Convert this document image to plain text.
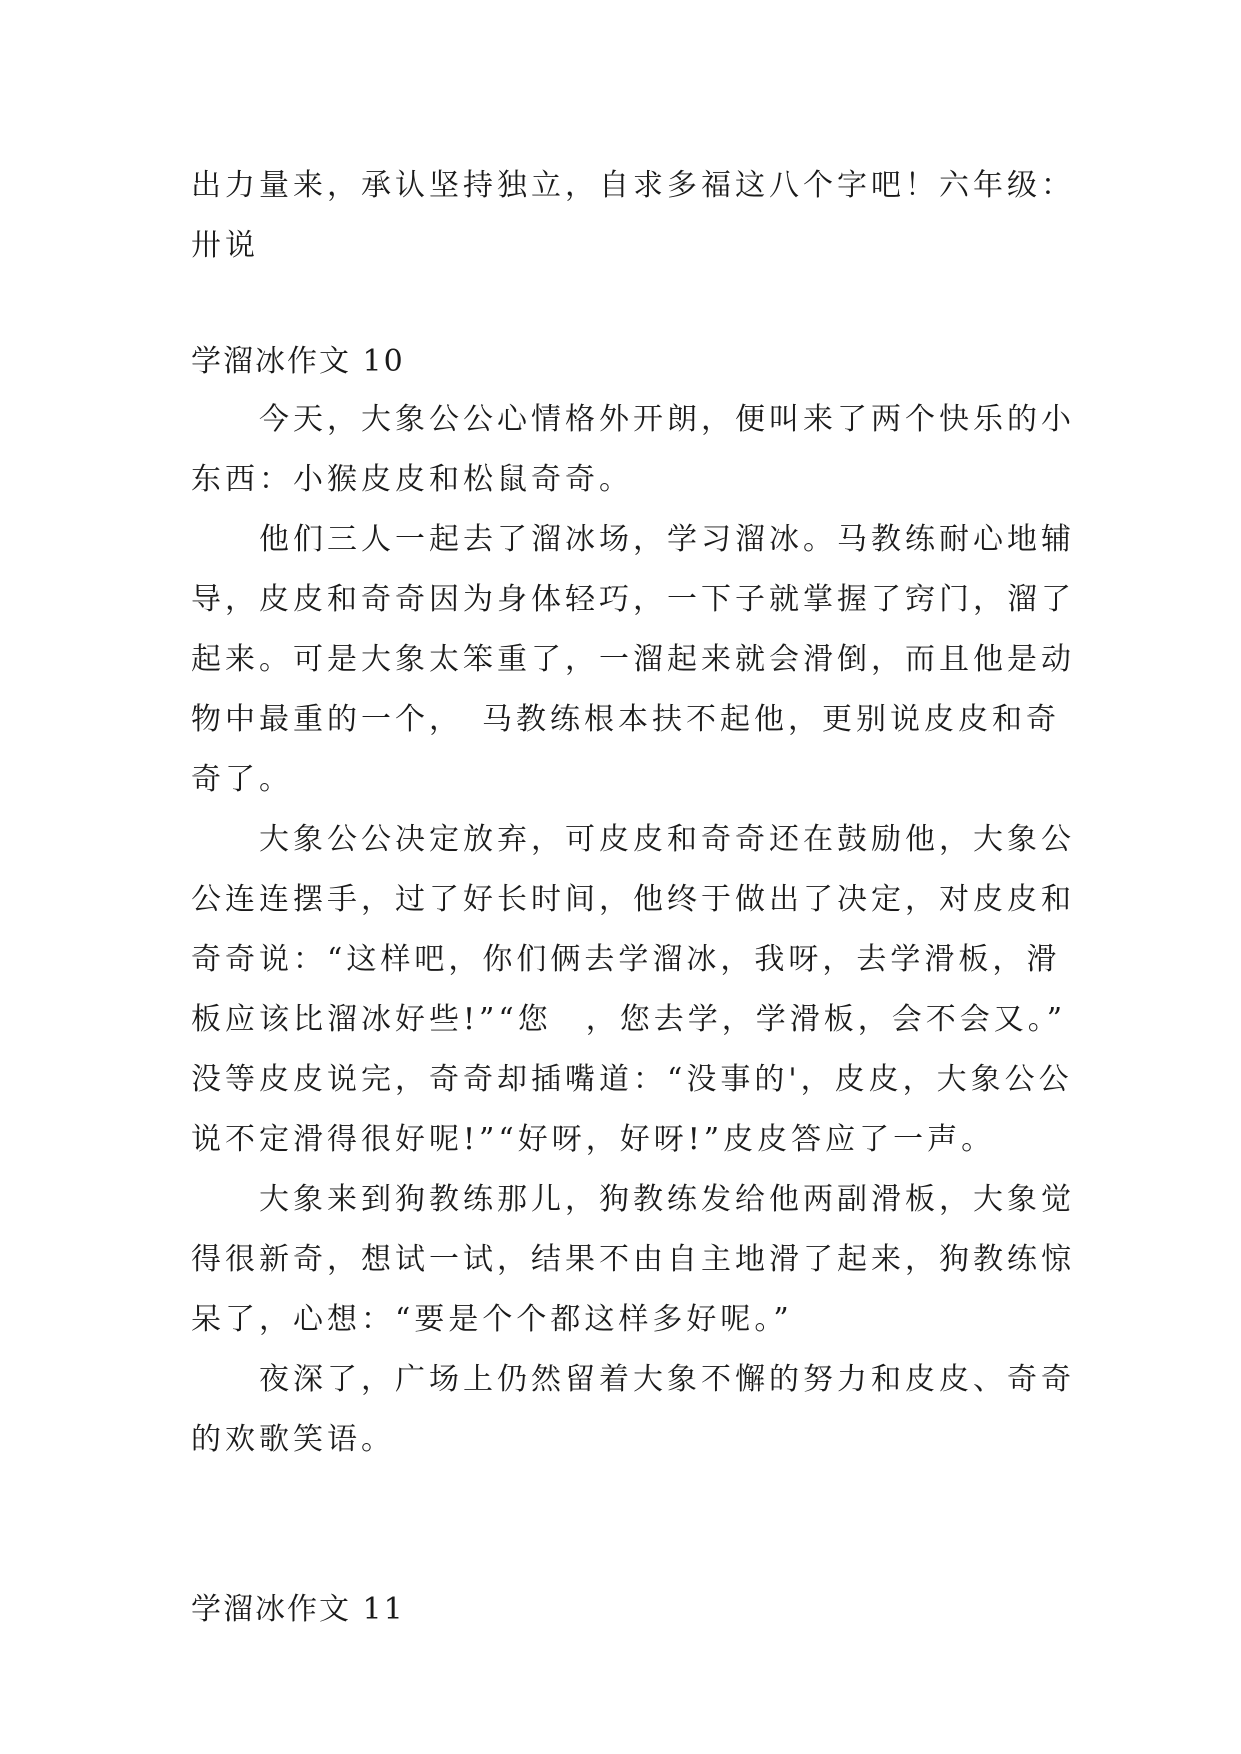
出力量来，承认坚持独立，自求多福这八个字吧！六年级：
卅说
学溜冰作文 10
　　今天，大象公公心情格外开朗，便叫来了两个快乐的小
东西：小猴皮皮和松鼠奇奇。
　　他们三人一起去了溜冰场，学习溜冰。马教练耐心地辅
导，皮皮和奇奇因为身体轻巧，一下子就掌握了窍门，溜了
起来。可是大象太笨重了，一溜起来就会滑倒，而且他是动
物中最重的一个，　马教练根本扶不起他，更别说皮皮和奇
奇了。
　　大象公公决定放弃，可皮皮和奇奇还在鼓励他，大象公
公连连摆手，过了好长时间，他终于做出了决定，对皮皮和
奇奇说：“这样吧，你们俩去学溜冰，我呀，去学滑板，滑
板应该比溜冰好些!”“您　，您去学，学滑板，会不会又。”
没等皮皮说完，奇奇却插嘴道：“没事的'，皮皮，大象公公
说不定滑得很好呢!”“好呀，好呀!”皮皮答应了一声。
　　大象来到狗教练那儿，狗教练发给他两副滑板，大象觉
得很新奇，想试一试，结果不由自主地滑了起来，狗教练惊
呆了，心想：“要是个个都这样多好呢。”
　　夜深了，广场上仍然留着大象不懈的努力和皮皮、奇奇
的欢歌笑语。
学溜冰作文 11
